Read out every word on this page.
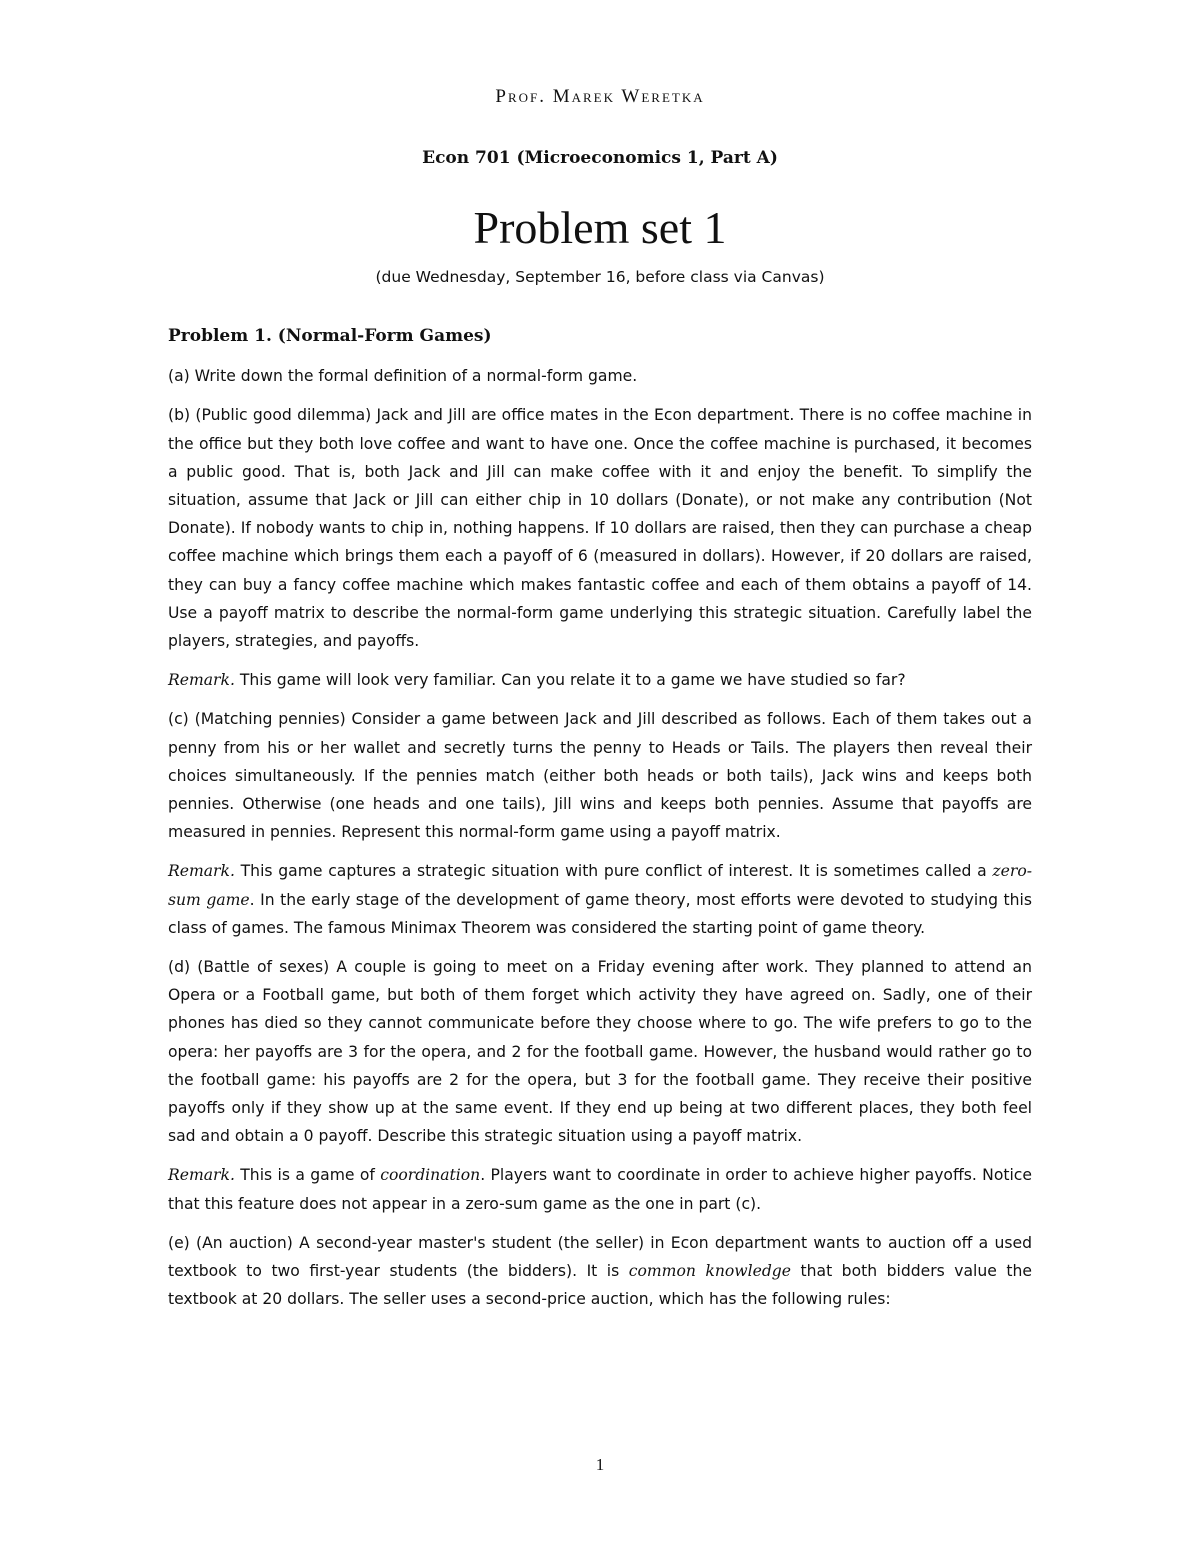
Prof. Marek Weretka
Econ 701 (Microeconomics 1, Part A)
Problem set 1
(due Wednesday, September 16, before class via Canvas)

Problem 1. (Normal-Form Games)

(a) Write down the formal definition of a normal-form game.

(b) (Public good dilemma) Jack and Jill are office mates in the Econ department. There is no coffee machine in the office but they both love coffee and want to have one. Once the coffee machine is purchased, it becomes a public good. That is, both Jack and Jill can make coffee with it and enjoy the benefit. To simplify the situation, assume that Jack or Jill can either chip in 10 dollars (Donate), or not make any contribution (Not Donate). If nobody wants to chip in, nothing happens. If 10 dollars are raised, then they can purchase a cheap coffee machine which brings them each a payoff of 6 (measured in dollars). However, if 20 dollars are raised, they can buy a fancy coffee machine which makes fantastic coffee and each of them obtains a payoff of 14. Use a payoff matrix to describe the normal-form game underlying this strategic situation. Carefully label the players, strategies, and payoffs.

Remark. This game will look very familiar. Can you relate it to a game we have studied so far?

(c) (Matching pennies) Consider a game between Jack and Jill described as follows. Each of them takes out a penny from his or her wallet and secretly turns the penny to Heads or Tails. The players then reveal their choices simultaneously. If the pennies match (either both heads or both tails), Jack wins and keeps both pennies. Otherwise (one heads and one tails), Jill wins and keeps both pennies. Assume that payoffs are measured in pennies. Represent this normal-form game using a payoff matrix.

Remark. This game captures a strategic situation with pure conflict of interest. It is sometimes called a zero-sum game. In the early stage of the development of game theory, most efforts were devoted to studying this class of games. The famous Minimax Theorem was considered the starting point of game theory.

(d) (Battle of sexes) A couple is going to meet on a Friday evening after work. They planned to attend an Opera or a Football game, but both of them forget which activity they have agreed on. Sadly, one of their phones has died so they cannot communicate before they choose where to go. The wife prefers to go to the opera: her payoffs are 3 for the opera, and 2 for the football game. However, the husband would rather go to the football game: his payoffs are 2 for the opera, but 3 for the football game. They receive their positive payoffs only if they show up at the same event. If they end up being at two different places, they both feel sad and obtain a 0 payoff. Describe this strategic situation using a payoff matrix.

Remark. This is a game of coordination. Players want to coordinate in order to achieve higher payoffs. Notice that this feature does not appear in a zero-sum game as the one in part (c).

(e) (An auction) A second-year master's student (the seller) in Econ department wants to auction off a used textbook to two first-year students (the bidders). It is common knowledge that both bidders value the textbook at 20 dollars. The seller uses a second-price auction, which has the following rules:

1
